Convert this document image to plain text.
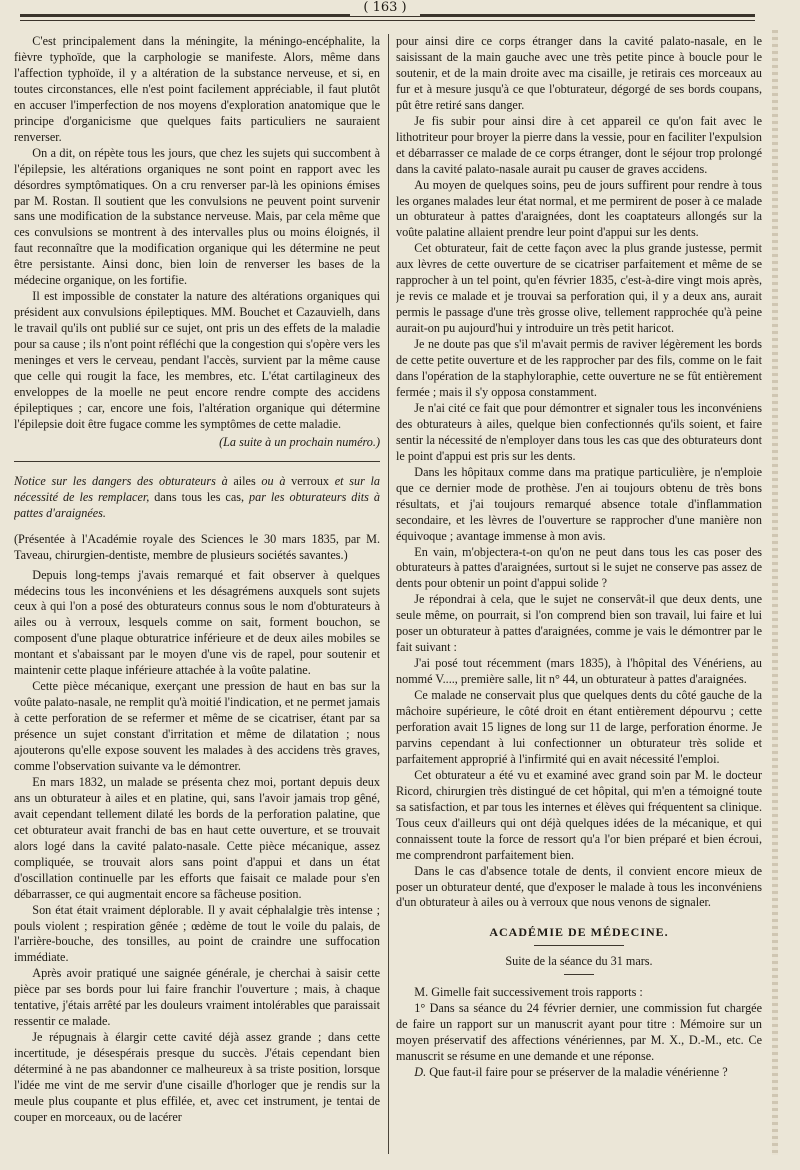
( 163 )

C'est principalement dans la méningite, la méningo-encéphalite, la fièvre typhoïde, que la carphologie se manifeste. Alors, même dans l'affection typhoïde, il y a altération de la substance nerveuse, et si, en toutes circonstances, elle n'est point facilement appréciable, il faut plutôt en accuser l'imperfection de nos moyens d'exploration anatomique que le principe d'organicisme que quelques faits particuliers ne sauraient renverser.

On a dit, on répète tous les jours, que chez les sujets qui succombent à l'épilepsie, les altérations organiques ne sont point en rapport avec les désordres symptômatiques. On a cru renverser par-là les opinions émises par M. Rostan. Il soutient que les convulsions ne peuvent point survenir sans une modification de la substance nerveuse. Mais, par cela même que ces convulsions se montrent à des intervalles plus ou moins éloignés, il faut reconnaître que la modification organique qui les détermine ne peut être persistante. Ainsi donc, bien loin de renverser les bases de la médecine organique, on les fortifie.

Il est impossible de constater la nature des altérations organiques qui président aux convulsions épileptiques. MM. Bouchet et Cazauvielh, dans le travail qu'ils ont publié sur ce sujet, ont pris un des effets de la maladie pour sa cause ; ils n'ont point réfléchi que la congestion qui s'opère vers les meninges et vers le cerveau, pendant l'accès, survient par la même cause que celle qui rougit la face, les membres, etc. L'état cartilagineux des enveloppes de la moelle ne peut encore rendre compte des accidens épileptiques ; car, encore une fois, l'altération organique qui détermine l'épilepsie doit être fugace comme les symptômes de cette maladie.

(La suite à un prochain numéro.)

Notice sur les dangers des obturateurs à ailes ou à verroux et sur la nécessité de les remplacer, dans tous les cas, par les obturateurs dits à pattes d'araignées.

(Présentée à l'Académie royale des Sciences le 30 mars 1835, par M. Taveau, chirurgien-dentiste, membre de plusieurs sociétés savantes.)

Depuis long-temps j'avais remarqué et fait observer à quelques médecins tous les inconvéniens et les désagrémens auxquels sont sujets ceux à qui l'on a posé des obturateurs connus sous le nom d'obturateurs à ailes ou à verroux, lesquels comme on sait, forment bouchon, se composent d'une plaque obturatrice inférieure et de deux ailes mobiles se montant et s'abaissant par le moyen d'une vis de rapel, pour soutenir et maintenir cette plaque inférieure attachée à la voûte palatine.

Cette pièce mécanique, exerçant une pression de haut en bas sur la voûte palato-nasale, ne remplit qu'à moitié l'indication, et ne permet jamais à cette perforation de se refermer et même de se cicatriser, étant par sa présence un sujet constant d'irritation et même de dilatation ; nous ajouterons qu'elle expose souvent les malades à des accidens très graves, comme l'observation suivante va le démontrer.

En mars 1832, un malade se présenta chez moi, portant depuis deux ans un obturateur à ailes et en platine, qui, sans l'avoir jamais trop gêné, avait cependant tellement dilaté les bords de la perforation palatine, que cet obturateur avait franchi de bas en haut cette ouverture, et se trouvait alors logé dans la cavité palato-nasale. Cette pièce mécanique, assez compliquée, se trouvait alors sans point d'appui et dans un état d'oscillation continuelle par les efforts que faisait ce malade pour s'en débarrasser, ce qui augmentait encore sa fâcheuse position.

Son état était vraiment déplorable. Il y avait céphalalgie très intense ; pouls violent ; respiration gênée ; œdème de tout le voile du palais, de l'arrière-bouche, des tonsilles, au point de craindre une suffocation immédiate.

Après avoir pratiqué une saignée générale, je cherchai à saisir cette pièce par ses bords pour lui faire franchir l'ouverture ; mais, à chaque tentative, j'étais arrêté par les douleurs vraiment intolérables que paraissait ressentir ce malade.

Je répugnais à élargir cette cavité déjà assez grande ; dans cette incertitude, je désespérais presque du succès. J'étais cependant bien déterminé à ne pas abandonner ce malheureux à sa triste position, lorsque l'idée me vint de me servir d'une cisaille d'horloger que je rendis sur la meule plus coupante et plus effilée, et, avec cet instrument, je tentai de couper en morceaux, ou de lacérer

pour ainsi dire ce corps étranger dans la cavité palato-nasale, en le saisissant de la main gauche avec une très petite pince à boucle pour le soutenir, et de la main droite avec ma cisaille, je retirais ces morceaux au fur et à mesure jusqu'à ce que l'obturateur, dégorgé de ses bords coupans, pût être retiré sans danger.

Je fis subir pour ainsi dire à cet appareil ce qu'on fait avec le lithotriteur pour broyer la pierre dans la vessie, pour en faciliter l'expulsion et débarrasser ce malade de ce corps étranger, dont le séjour trop prolongé dans la cavité palato-nasale aurait pu causer de graves accidens.

Au moyen de quelques soins, peu de jours suffirent pour rendre à tous les organes malades leur état normal, et me permirent de poser à ce malade un obturateur à pattes d'araignées, dont les coaptateurs allongés sur la voûte palatine allaient prendre leur point d'appui sur les dents.

Cet obturateur, fait de cette façon avec la plus grande justesse, permit aux lèvres de cette ouverture de se cicatriser parfaitement et même de se rapprocher à un tel point, qu'en février 1835, c'est-à-dire vingt mois après, je revis ce malade et je trouvai sa perforation qui, il y a deux ans, aurait permis le passage d'une très grosse olive, tellement rapprochée qu'à peine aurait-on pu aujourd'hui y introduire un très petit haricot.

Je ne doute pas que s'il m'avait permis de raviver légèrement les bords de cette petite ouverture et de les rapprocher par des fils, comme on le fait dans l'opération de la staphyloraphie, cette ouverture ne se fût entièrement fermée ; mais il s'y opposa constamment.

Je n'ai cité ce fait que pour démontrer et signaler tous les inconvéniens des obturateurs à ailes, quelque bien confectionnés qu'ils soient, et faire sentir la nécessité de n'employer dans tous les cas que des obturateurs dont le point d'appui est pris sur les dents.

Dans les hôpitaux comme dans ma pratique particulière, je n'emploie que ce dernier mode de prothèse. J'en ai toujours obtenu de très bons résultats, et j'ai toujours remarqué absence totale d'inflammation secondaire, et les lèvres de l'ouverture se rapprocher d'une manière non équivoque ; avantage immense à mon avis.

En vain, m'objectera-t-on qu'on ne peut dans tous les cas poser des obturateurs à pattes d'araignées, surtout si le sujet ne conserve pas assez de dents pour obtenir un point d'appui solide ?

Je répondrai à cela, que le sujet ne conservât-il que deux dents, une seule même, on pourrait, si l'on comprend bien son travail, lui faire et lui poser un obturateur à pattes d'araignées, comme je vais le démontrer par le fait suivant :

J'ai posé tout récemment (mars 1835), à l'hôpital des Vénériens, au nommé V...., première salle, lit n° 44, un obturateur à pattes d'araignées.

Ce malade ne conservait plus que quelques dents du côté gauche de la mâchoire supérieure, le côté droit en étant entièrement dépourvu ; cette perforation avait 15 lignes de long sur 11 de large, perforation énorme. Je parvins cependant à lui confectionner un obturateur très solide et parfaitement approprié à l'infirmité qui en avait nécessité l'emploi.

Cet obturateur a été vu et examiné avec grand soin par M. le docteur Ricord, chirurgien très distingué de cet hôpital, qui m'en a témoigné toute sa satisfaction, et par tous les internes et élèves qui fréquentent sa clinique. Tous ceux d'ailleurs qui ont déjà quelques idées de la mécanique, et qui connaissent toute la force de ressort qu'a l'or bien préparé et bien écroui, me comprendront parfaitement bien.

Dans le cas d'absence totale de dents, il convient encore mieux de poser un obturateur denté, que d'exposer le malade à tous les inconvéniens d'un obturateur à ailes ou à verroux que nous venons de signaler.

ACADÉMIE DE MÉDECINE.

Suite de la séance du 31 mars.

M. Gimelle fait successivement trois rapports :

1° Dans sa séance du 24 février dernier, une commission fut chargée de faire un rapport sur un manuscrit ayant pour titre : Mémoire sur un moyen préservatif des affections vénériennes, par M. X., D.-M., etc. Ce manuscrit se résume en une demande et une réponse.

D. Que faut-il faire pour se préserver de la maladie vénérienne ?
